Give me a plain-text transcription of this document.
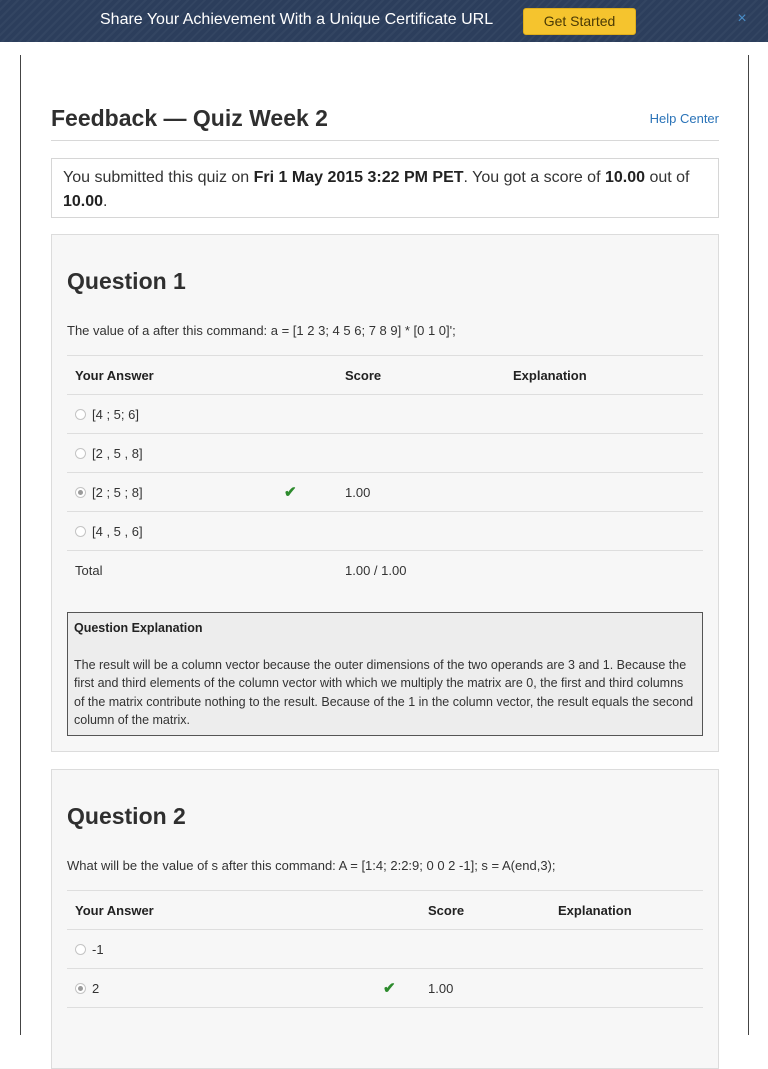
Share Your Achievement With a Unique Certificate URL	Get Started	×
Feedback — Quiz Week 2	Help Center
You submitted this quiz on Fri 1 May 2015 3:22 PM PET. You got a score of 10.00 out of 10.00.
Question 1
The value of a after this command: a = [1 2 3; 4 5 6; 7 8 9] * [0 1 0]';
Your Answer	Score	Explanation
[4 ; 5; 6]		
[2 , 5 , 8]		
[2 ; 5 ; 8] ✔	1.00	
[4 , 5 , 6]		
Total	1.00 / 1.00	
Question Explanation
The result will be a column vector because the outer dimensions of the two operands are 3 and 1. Because the first and third elements of the column vector with which we multiply the matrix are 0, the first and third columns of the matrix contribute nothing to the result. Because of the 1 in the column vector, the result equals the second column of the matrix.
Question 2
What will be the value of s after this command: A = [1:4; 2:2:9; 0 0 2 -1]; s = A(end,3);
Your Answer	Score	Explanation
-1		
2 ✔	1.00	
